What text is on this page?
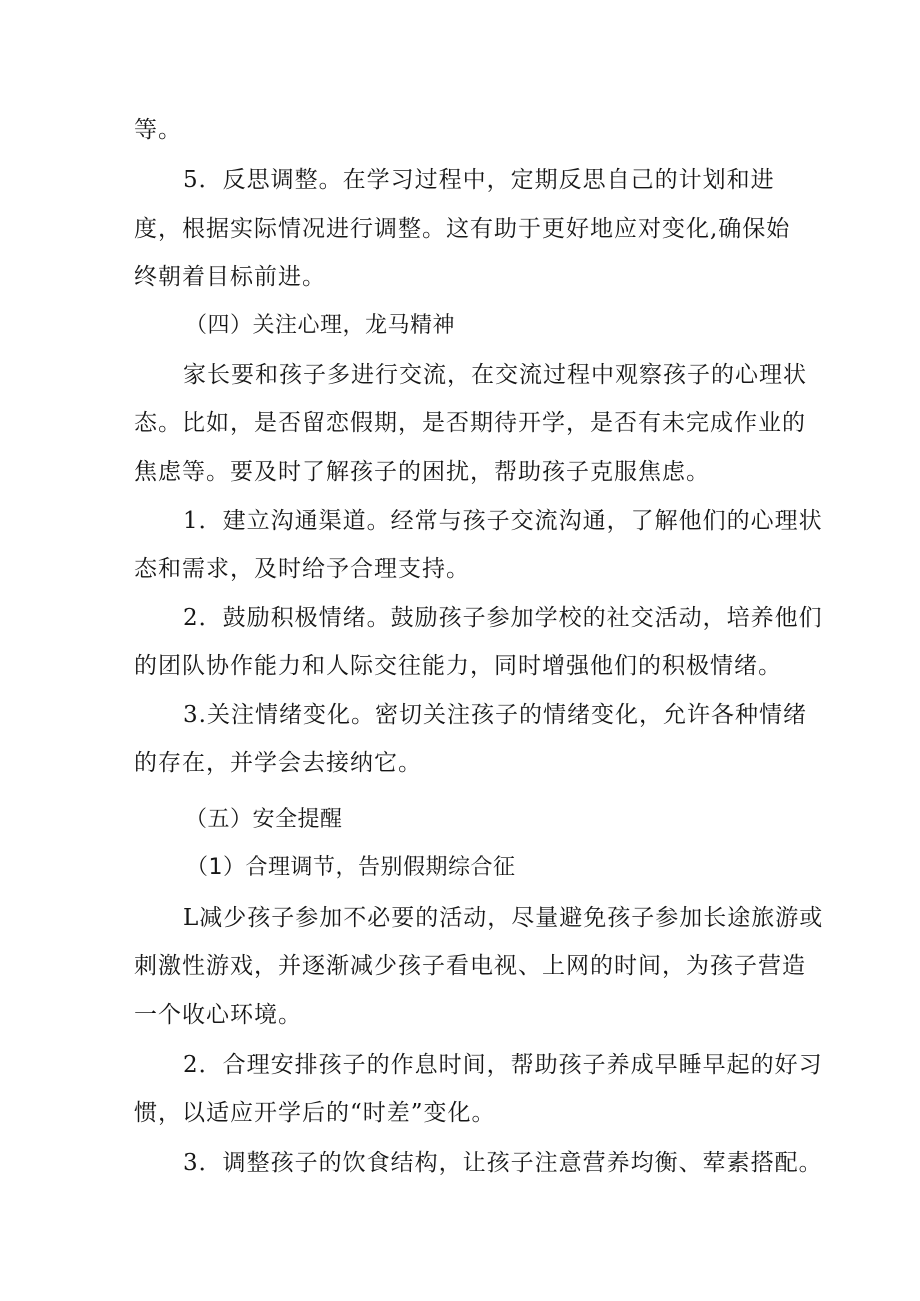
等。
5．反思调整。在学习过程中，定期反思自己的计划和进
度，根据实际情况进行调整。这有助于更好地应对变化,确保始
终朝着目标前进。
（四）关注心理，龙马精神
家长要和孩子多进行交流，在交流过程中观察孩子的心理状
态。比如，是否留恋假期，是否期待开学，是否有未完成作业的
焦虑等。要及时了解孩子的困扰，帮助孩子克服焦虑。
1．建立沟通渠道。经常与孩子交流沟通，了解他们的心理状
态和需求，及时给予合理支持。
2．鼓励积极情绪。鼓励孩子参加学校的社交活动，培养他们
的团队协作能力和人际交往能力，同时增强他们的积极情绪。
3.关注情绪变化。密切关注孩子的情绪变化，允许各种情绪
的存在，并学会去接纳它。
（五）安全提醒
（1）合理调节，告别假期综合征
L减少孩子参加不必要的活动，尽量避免孩子参加长途旅游或
刺激性游戏，并逐渐减少孩子看电视、上网的时间，为孩子营造
一个收心环境。
2．合理安排孩子的作息时间，帮助孩子养成早睡早起的好习
惯，以适应开学后的“时差”变化。
3．调整孩子的饮食结构，让孩子注意营养均衡、荤素搭配。
